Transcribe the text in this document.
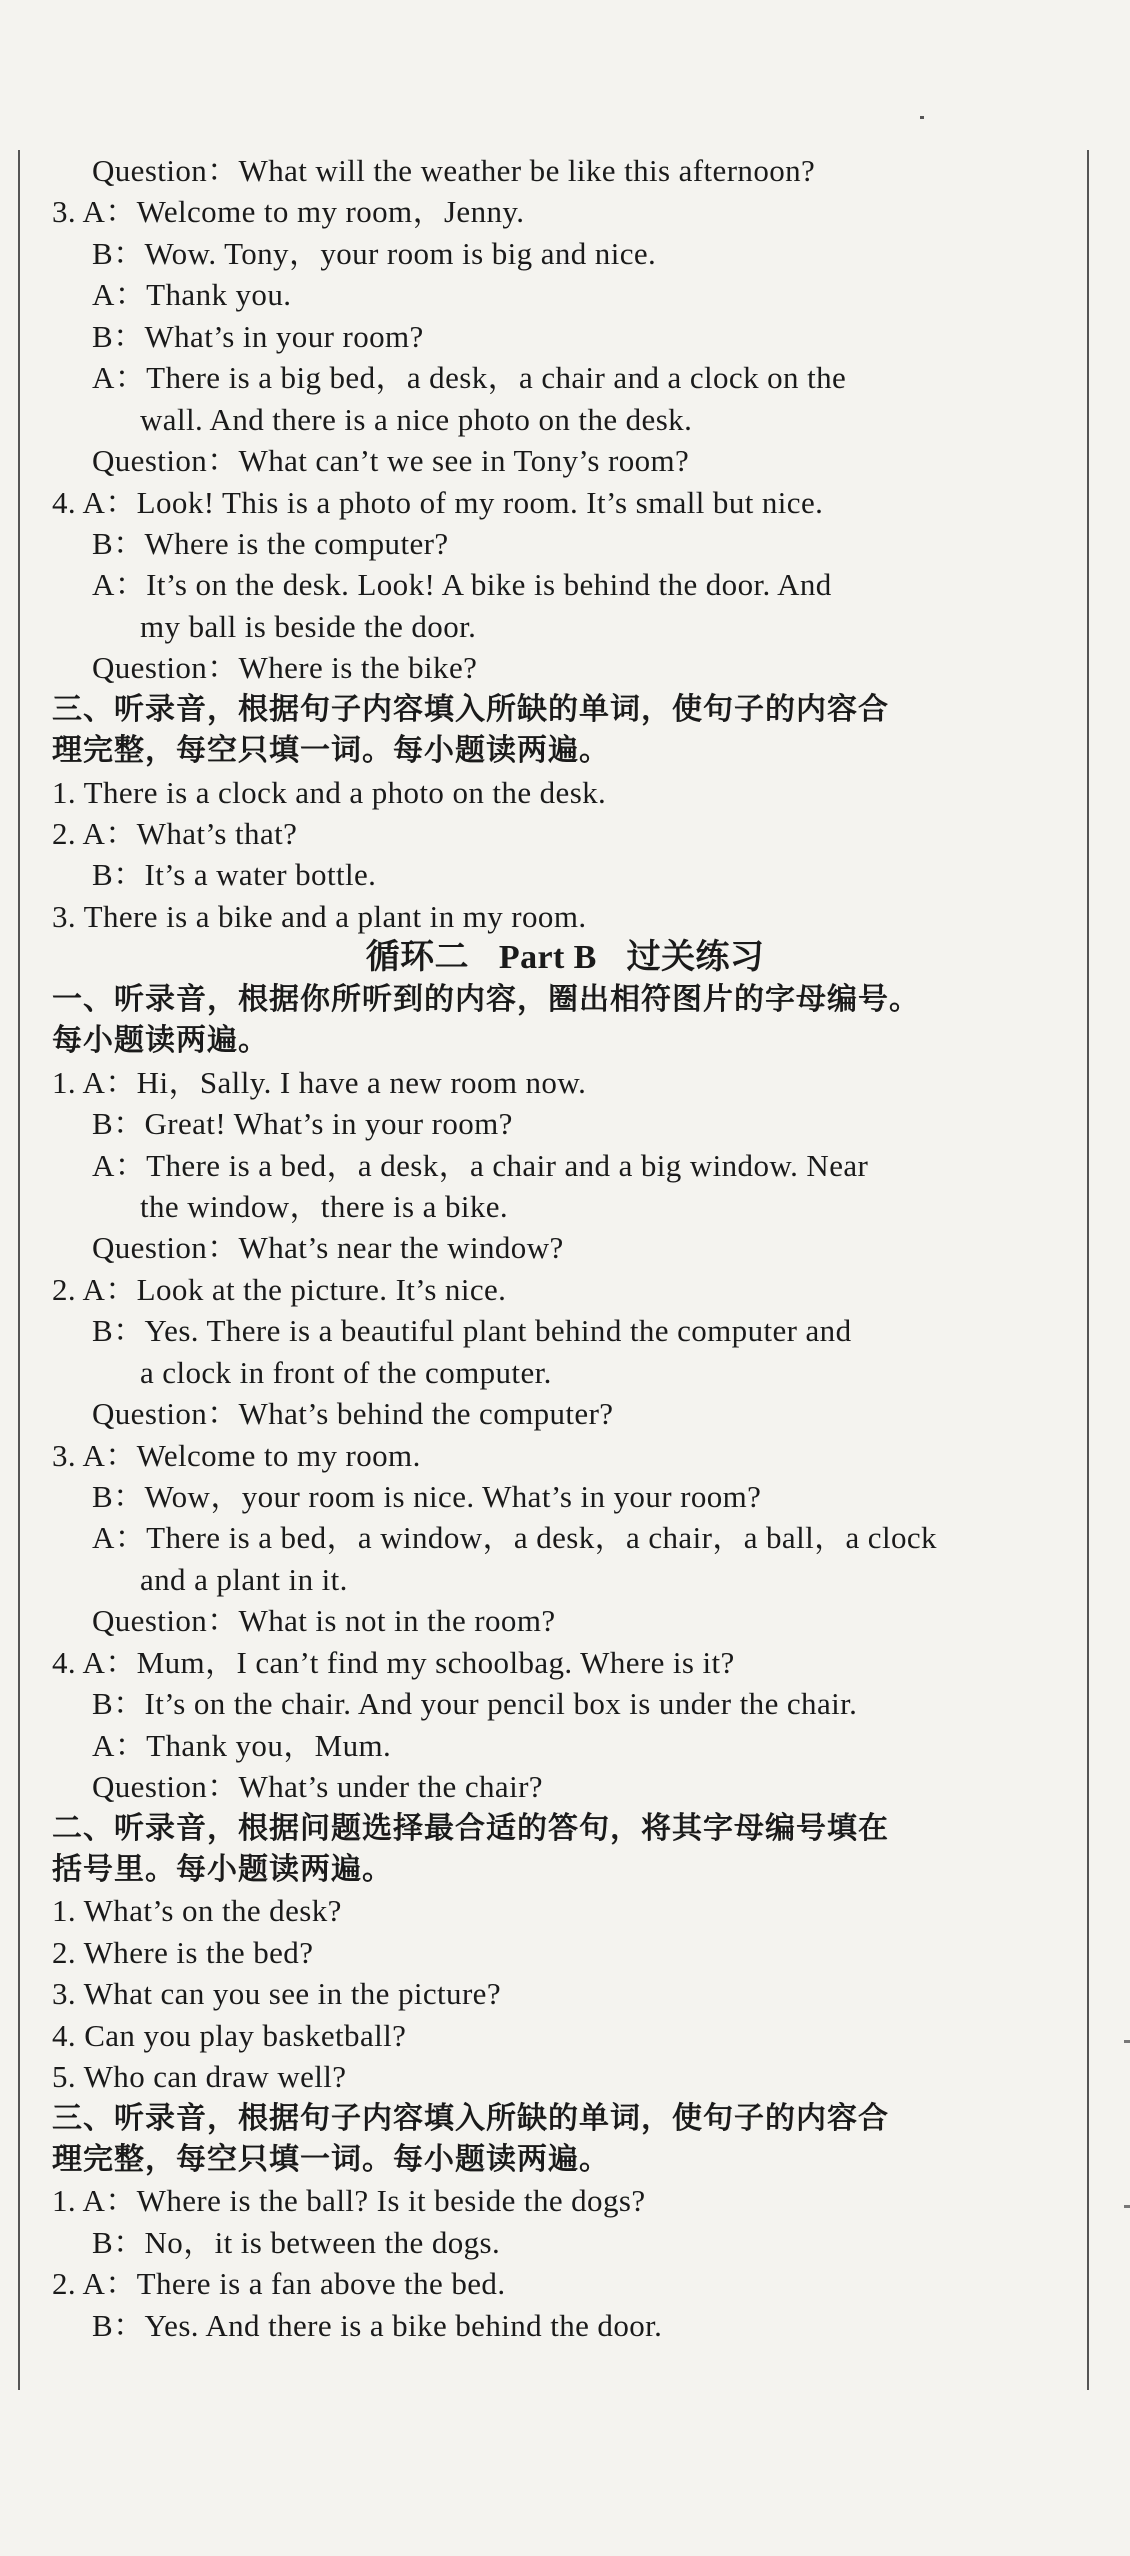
Question：What will the weather be like this afternoon?
3. A：Welcome to my room，Jenny.
B：Wow. Tony，your room is big and nice.
A：Thank you.
B：What’s in your room?
A：There is a big bed，a desk，a chair and a clock on the
wall. And there is a nice photo on the desk.
Question：What can’t we see in Tony’s room?
4. A：Look! This is a photo of my room. It’s small but nice.
B：Where is the computer?
A：It’s on the desk. Look! A bike is behind the door. And
my ball is beside the door.
Question：Where is the bike?
三、听录音，根据句子内容填入所缺的单词，使句子的内容合
理完整，每空只填一词。每小题读两遍。
1. There is a clock and a photo on the desk.
2. A：What’s that?
B：It’s a water bottle.
3. There is a bike and a plant in my room.
循环二 Part B 过关练习
一、听录音，根据你所听到的内容，圈出相符图片的字母编号。
每小题读两遍。
1. A：Hi，Sally. I have a new room now.
B：Great! What’s in your room?
A：There is a bed，a desk，a chair and a big window. Near
the window，there is a bike.
Question：What’s near the window?
2. A：Look at the picture. It’s nice.
B：Yes. There is a beautiful plant behind the computer and
a clock in front of the computer.
Question：What’s behind the computer?
3. A：Welcome to my room.
B：Wow，your room is nice. What’s in your room?
A：There is a bed，a window，a desk，a chair，a ball，a clock
and a plant in it.
Question：What is not in the room?
4. A：Mum，I can’t find my schoolbag. Where is it?
B：It’s on the chair. And your pencil box is under the chair.
A：Thank you，Mum.
Question：What’s under the chair?
二、听录音，根据问题选择最合适的答句，将其字母编号填在
括号里。每小题读两遍。
1. What’s on the desk?
2. Where is the bed?
3. What can you see in the picture?
4. Can you play basketball?
5. Who can draw well?
三、听录音，根据句子内容填入所缺的单词，使句子的内容合
理完整，每空只填一词。每小题读两遍。
1. A：Where is the ball? Is it beside the dogs?
B：No，it is between the dogs.
2. A：There is a fan above the bed.
B：Yes. And there is a bike behind the door.
